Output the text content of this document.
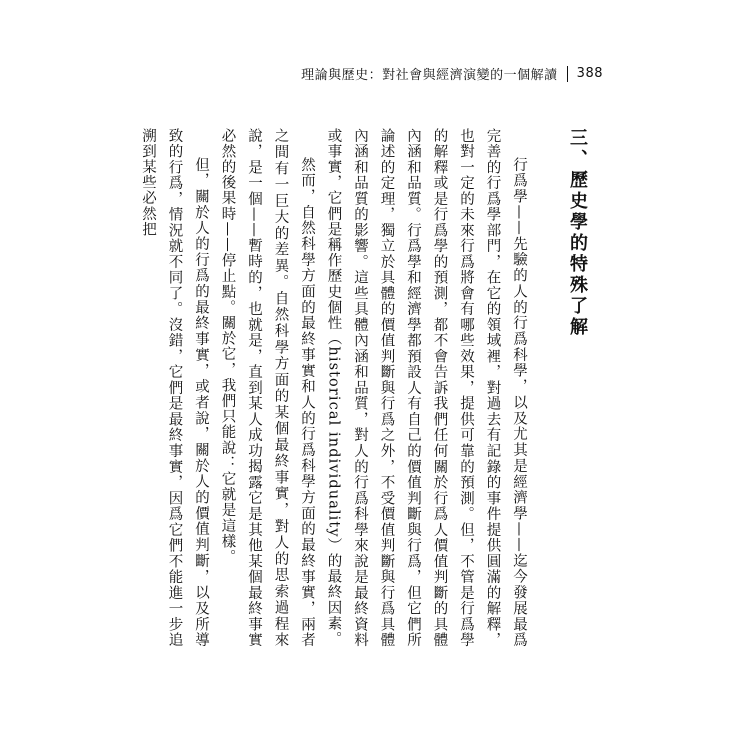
理論與歷史：對社會與經濟演變的一個解讀 388
三、歷史學的特殊了解

行爲學——先驗的人的行爲科學，以及尤其是經濟學——迄今發展最爲完善的行爲學部門，在它的領域裡，對過去有記錄的事件提供圓滿的解釋，也對一定的未來行爲將會有哪些效果，提供可靠的預測。但，不管是行爲學的解釋或是行爲學的預測，都不會告訴我們任何關於行爲人價值判斷的具體內涵和品質。行爲學和經濟學都預設人有自己的價值判斷與行爲，但它們所論述的定理，獨立於具體的價值判斷與行爲之外，不受價值判斷與行爲具體內涵和品質的影響。這些具體內涵和品質，對人的行爲科學來說是最終資料或事實，它們是稱作歷史個性（historical individuality）的最終因素。

然而，自然科學方面的最終事實和人的行爲科學方面的最終事實，兩者之間有一巨大的差異。自然科學方面的某個最終事實，對人的思索過程來說，是一個——暫時的，也就是，直到某人成功揭露它是其他某個最終事實必然的後果時——停止點。關於它，我們只能說：它就是這樣。

但，關於人的行爲的最終事實，或者說，關於人的價值判斷，以及所導致的行爲，情況就不同了。沒錯，它們是最終事實，因爲它們不能進一步追溯到某些必然把
